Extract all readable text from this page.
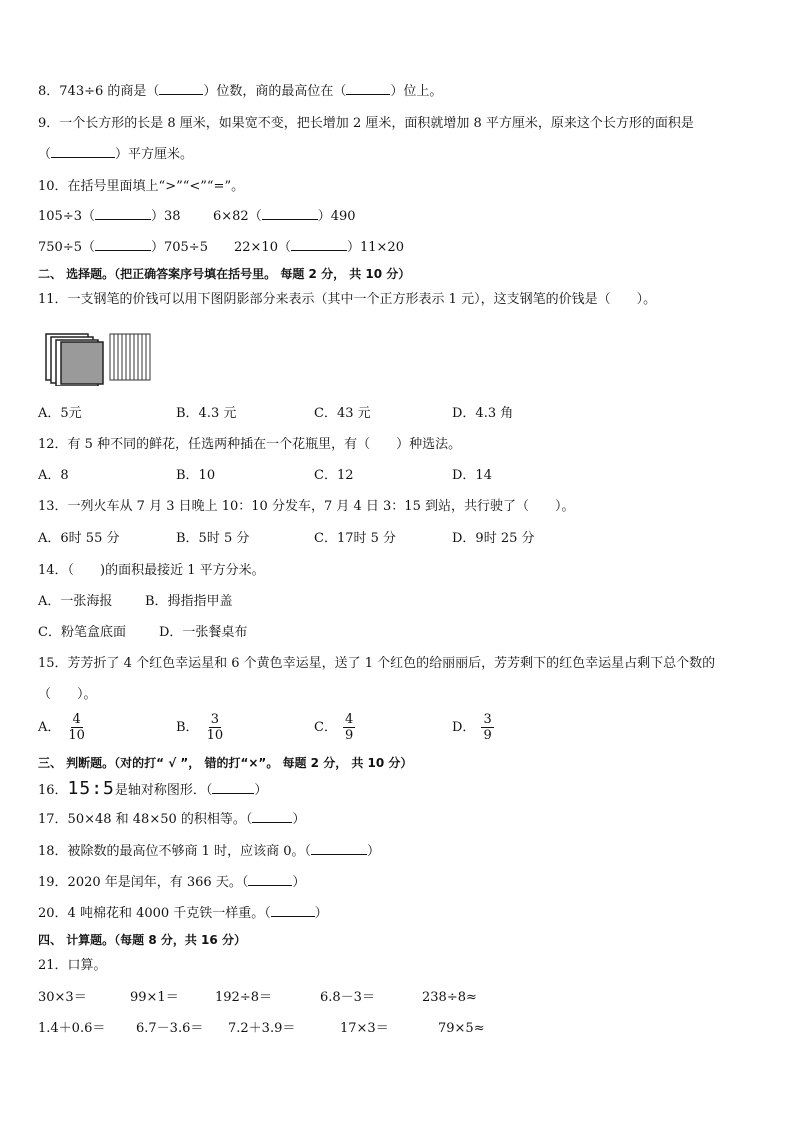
8．743÷6 的商是（	）位数，商的最高位在（	）位上。
9．一个长方形的长是 8 厘米，如果宽不变，把长增加 2 厘米，面积就增加 8 平方厘米，原来这个长方形的面积是
（	）平方厘米。
10．在括号里面填上“>”“<”“=”。
105÷3（	）38 6×82（	）490
750÷5（	）705÷5 22×10（	）11×20
二、 选择题。（把正确答案序号填在括号里。 每题 2 分， 共 10 分）
11．一支钢笔的价钱可以用下图阴影部分来表示（其中一个正方形表示 1 元），这支钢笔的价钱是（　　）。
A．5元	B．4.3 元	C．43 元	D．4.3 角
12．有 5 种不同的鲜花，任选两种插在一个花瓶里，有（　　）种选法。
A．8	B．10	C．12	D．14
13．一列火车从 7 月 3 日晚上 10：10 分发车，7 月 4 日 3：15 到站，共行驶了（　　）。
A．6时 55 分	B．5时 5 分	C．17时 5 分	D．9时 25 分
14．（　　)的面积最接近 1 平方分米。
A．一张海报	B．拇指指甲盖
C．粉笔盒底面	D．一张餐桌布
15．芳芳折了 4 个红色幸运星和 6 个黄色幸运星，送了 1 个红色的给丽丽后，芳芳剩下的红色幸运星占剩下总个数的
（　　）。
A． $\frac{4}{10}$	B． $\frac{3}{10}$	C． $\frac{4}{9}$	D． $\frac{3}{9}$
三、 判断题。（对的打“ √ ”， 错的打“×”。 每题 2 分， 共 10 分）
16．15:5是轴对称图形．（	）
17．50×48 和 48×50 的积相等。（	）
18．被除数的最高位不够商 1 时，应该商 0。（	）
19．2020 年是闰年，有 366 天。（	）
20．4 吨棉花和 4000 千克铁一样重。（	）
四、 计算题。（每题 8 分，共 16 分）
21．口算。
30×3＝	99×1＝	192÷8＝	6.8－3＝	238÷8≈
1.4＋0.6＝ 6.7－3.6＝ 7.2＋3.9＝	17×3＝	79×5≈
